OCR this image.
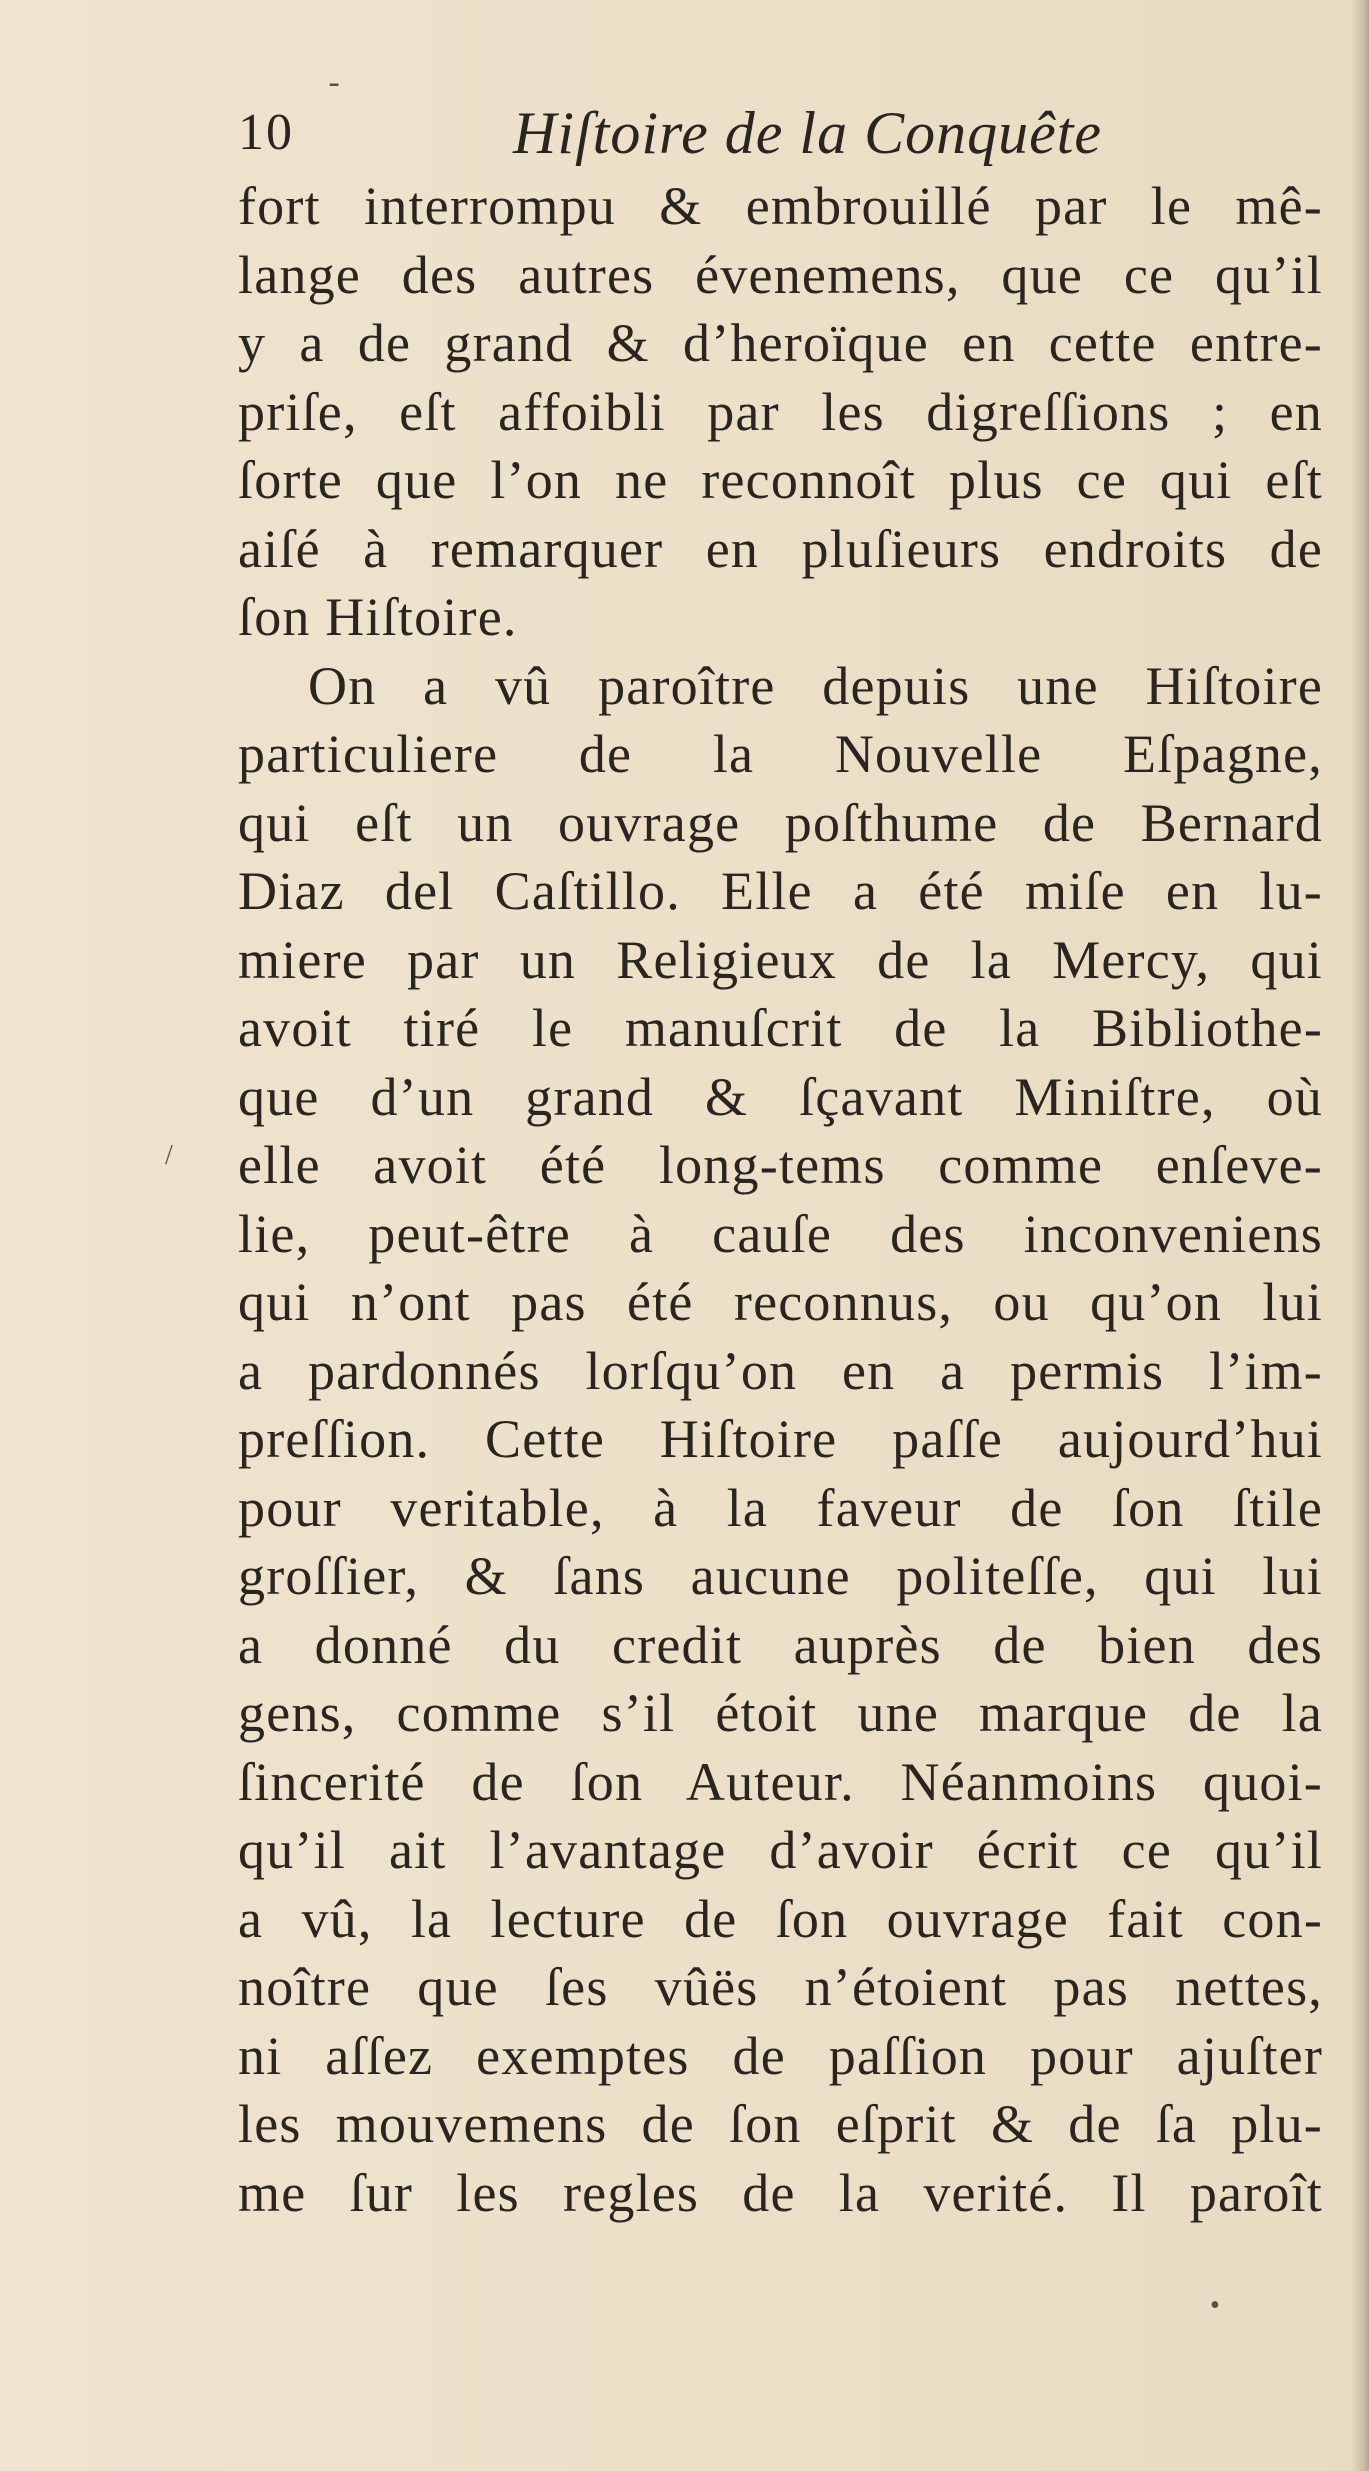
ـ
/
•
10	Hiſtoire de la Conquête
fort interrompu & embrouillé par le mê-
lange des autres évenemens, que ce qu’il
y a de grand & d’heroïque en cette entre-
priſe, eſt affoibli par les digreſſions ; en
ſorte que l’on ne reconnoît plus ce qui eſt
aiſé à remarquer en pluſieurs endroits de
ſon Hiſtoire.
On a vû paroître depuis une Hiſtoire
particuliere de la Nouvelle Eſpagne,
qui eſt un ouvrage poſthume de Bernard
Diaz del Caſtillo. Elle a été miſe en lu-
miere par un Religieux de la Mercy, qui
avoit tiré le manuſcrit de la Bibliothe-
que d’un grand & ſçavant Miniſtre, où
elle avoit été long-tems comme enſeve-
lie, peut-être à cauſe des inconveniens
qui n’ont pas été reconnus, ou qu’on lui
a pardonnés lorſqu’on en a permis l’im-
preſſion. Cette Hiſtoire paſſe aujourd’hui
pour veritable, à la faveur de ſon ſtile
groſſier, & ſans aucune politeſſe, qui lui
a donné du credit auprès de bien des
gens, comme s’il étoit une marque de la
ſincerité de ſon Auteur. Néanmoins quoi-
qu’il ait l’avantage d’avoir écrit ce qu’il
a vû, la lecture de ſon ouvrage fait con-
noître que ſes vûës n’étoient pas nettes,
ni aſſez exemptes de paſſion pour ajuſter
les mouvemens de ſon eſprit & de ſa plu-
me ſur les regles de la verité. Il paroît
